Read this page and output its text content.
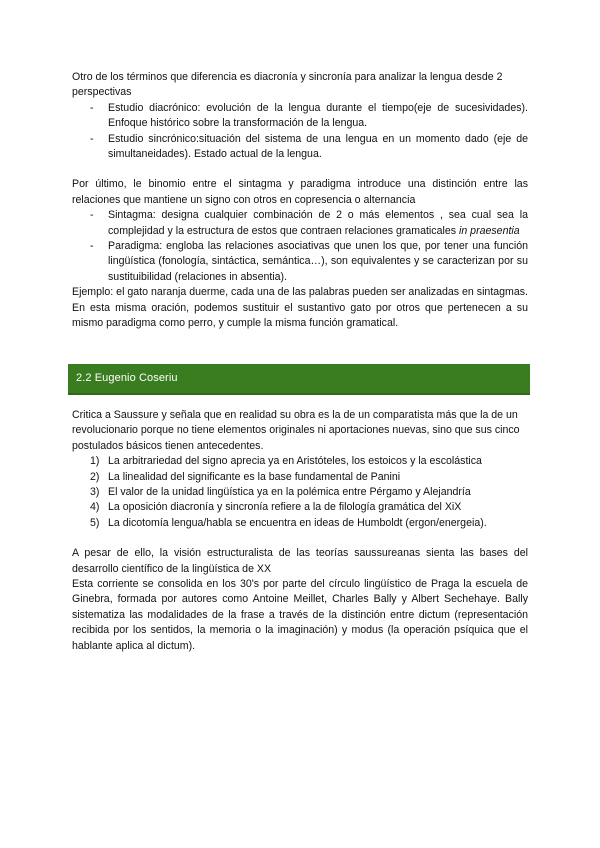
Otro de los términos que diferencia es diacronía y sincronía para analizar la lengua desde 2 perspectivas

- Estudio diacrónico: evolución de la lengua durante el tiempo(eje de sucesividades). Enfoque histórico sobre la transformación de la lengua.
- Estudio sincrónico:situación del sistema de una lengua en un momento dado (eje de simultaneidades). Estado actual de la lengua.

Por último, le binomio entre el sintagma y paradigma introduce una distinción entre las relaciones que mantiene un signo con otros en copresencia o alternancia

- Sintagma: designa cualquier combinación de 2 o más elementos , sea cual sea la complejidad y la estructura de estos que contraen relaciones gramaticales in praesentia
- Paradigma: engloba las relaciones asociativas que unen los que, por tener una función lingüística (fonología, sintáctica, semántica…), son equivalentes y se caracterizan por su sustituibilidad (relaciones in absentia).

Ejemplo: el gato naranja duerme, cada una de las palabras pueden ser analizadas en sintagmas. En esta misma oración, podemos sustituir el sustantivo gato por otros que pertenecen a su mismo paradigma como perro, y cumple la misma función gramatical.

2.2 Eugenio Coseriu

Critica a Saussure y señala que en realidad su obra es la de un comparatista más que la de un revolucionario porque no tiene elementos originales ni aportaciones nuevas, sino que sus cinco postulados básicos tienen antecedentes.

1) La arbitrariedad del signo aprecia ya en Aristóteles, los estoicos y la escolástica
2) La linealidad del significante es la base fundamental de Panini
3) El valor de la unidad lingüística ya en la polémica entre Pérgamo y Alejandría
4) La oposición diacronía y sincronía refiere a la de filología gramática del XiX
5) La dicotomía lengua/habla se encuentra en ideas de Humboldt (ergon/energeia).

A pesar de ello, la visión estructuralista de las teorías saussureanas sienta las bases del desarrollo científico de la lingüística de XX

Esta corriente se consolida en los 30's por parte del círculo lingüístico de Praga la escuela de Ginebra, formada por autores como Antoine Meillet, Charles Bally y Albert Sechehaye. Bally sistematiza las modalidades de la frase a través de la distinción entre dictum (representación recibida por los sentidos, la memoria o la imaginación) y modus (la operación psíquica que el hablante aplica al dictum).
